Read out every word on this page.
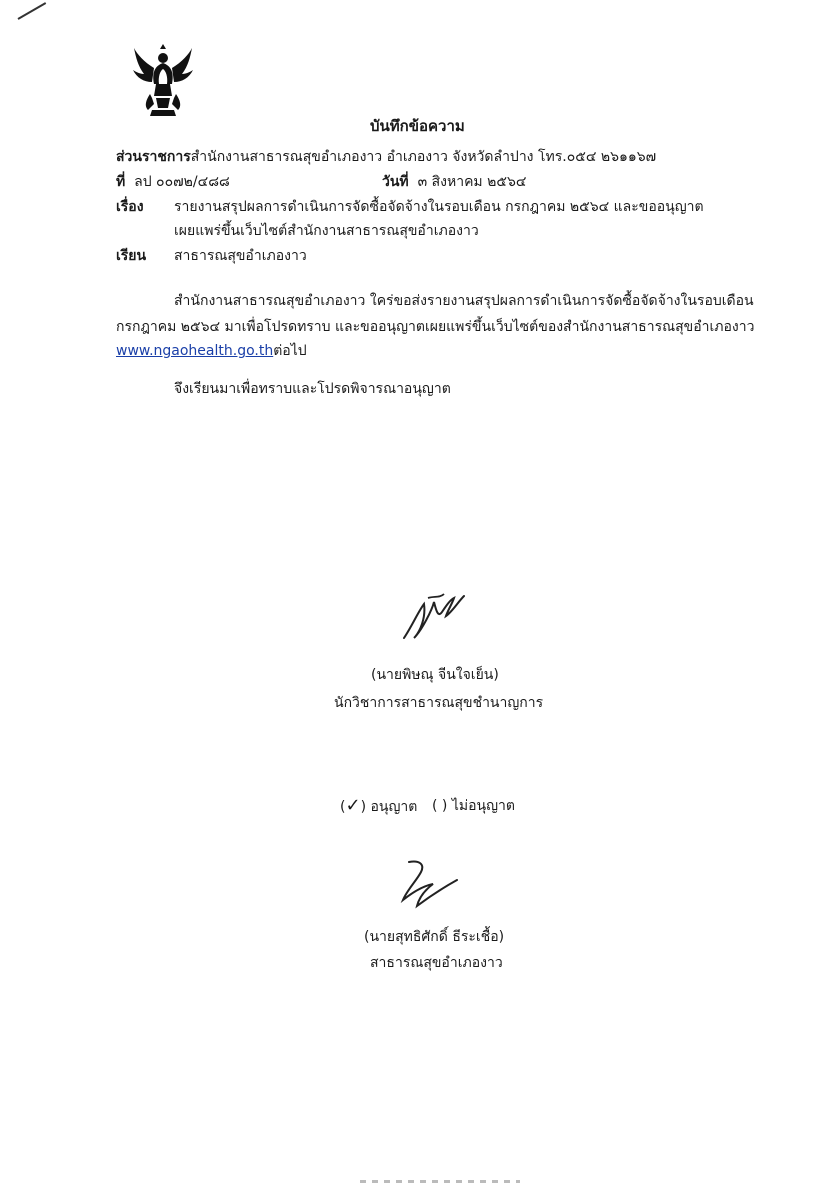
บันทึกข้อความ
ส่วนราชการสำนักงานสาธารณสุขอำเภองาว อำเภองาว จังหวัดลำปาง โทร.๐๕๔ ๒๖๑๑๖๗
ที่ ลป ๐๐๗๒/๔๘๘	วันที่ ๓ สิงหาคม ๒๕๖๔
เรื่อง รายงานสรุปผลการดำเนินการจัดซื้อจัดจ้างในรอบเดือน กรกฎาคม ๒๕๖๔ และขออนุญาต
เผยแพร่ขึ้นเว็บไซต์สำนักงานสาธารณสุขอำเภองาว
เรียน สาธารณสุขอำเภองาว
สำนักงานสาธารณสุขอำเภองาว ใคร่ขอส่งรายงานสรุปผลการดำเนินการจัดซื้อจัดจ้างในรอบเดือน
กรกฎาคม ๒๕๖๔ มาเพื่อโปรดทราบ และขออนุญาตเผยแพร่ขึ้นเว็บไซต์ของสำนักงานสาธารณสุขอำเภองาว
www.ngaohealth.go.thต่อไป
จึงเรียนมาเพื่อทราบและโปรดพิจารณาอนุญาต
(นายพิษณุ จีนใจเย็น)
นักวิชาการสาธารณสุขชำนาญการ
(✓) อนุญาต ( ) ไม่อนุญาต
(นายสุทธิศักดิ์ ธีระเชื้อ)
สาธารณสุขอำเภองาว
